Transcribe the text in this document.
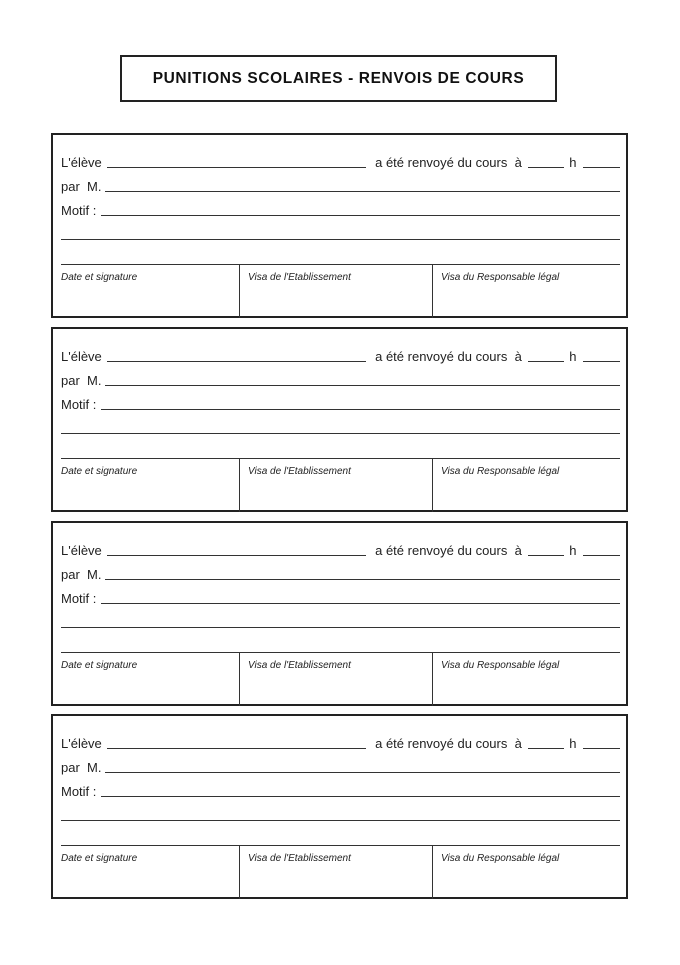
PUNITIONS SCOLAIRES - RENVOIS DE COURS
L'élève	a été renvoyé du cours  à	h
par  M.
Motif :
Date et signature	Visa de l'Etablissement	Visa du Responsable légal
L'élève	a été renvoyé du cours  à	h
par  M.
Motif :
Date et signature	Visa de l'Etablissement	Visa du Responsable légal
L'élève	a été renvoyé du cours  à	h
par  M.
Motif :
Date et signature	Visa de l'Etablissement	Visa du Responsable légal
L'élève	a été renvoyé du cours  à	h
par  M.
Motif :
Date et signature	Visa de l'Etablissement	Visa du Responsable légal
